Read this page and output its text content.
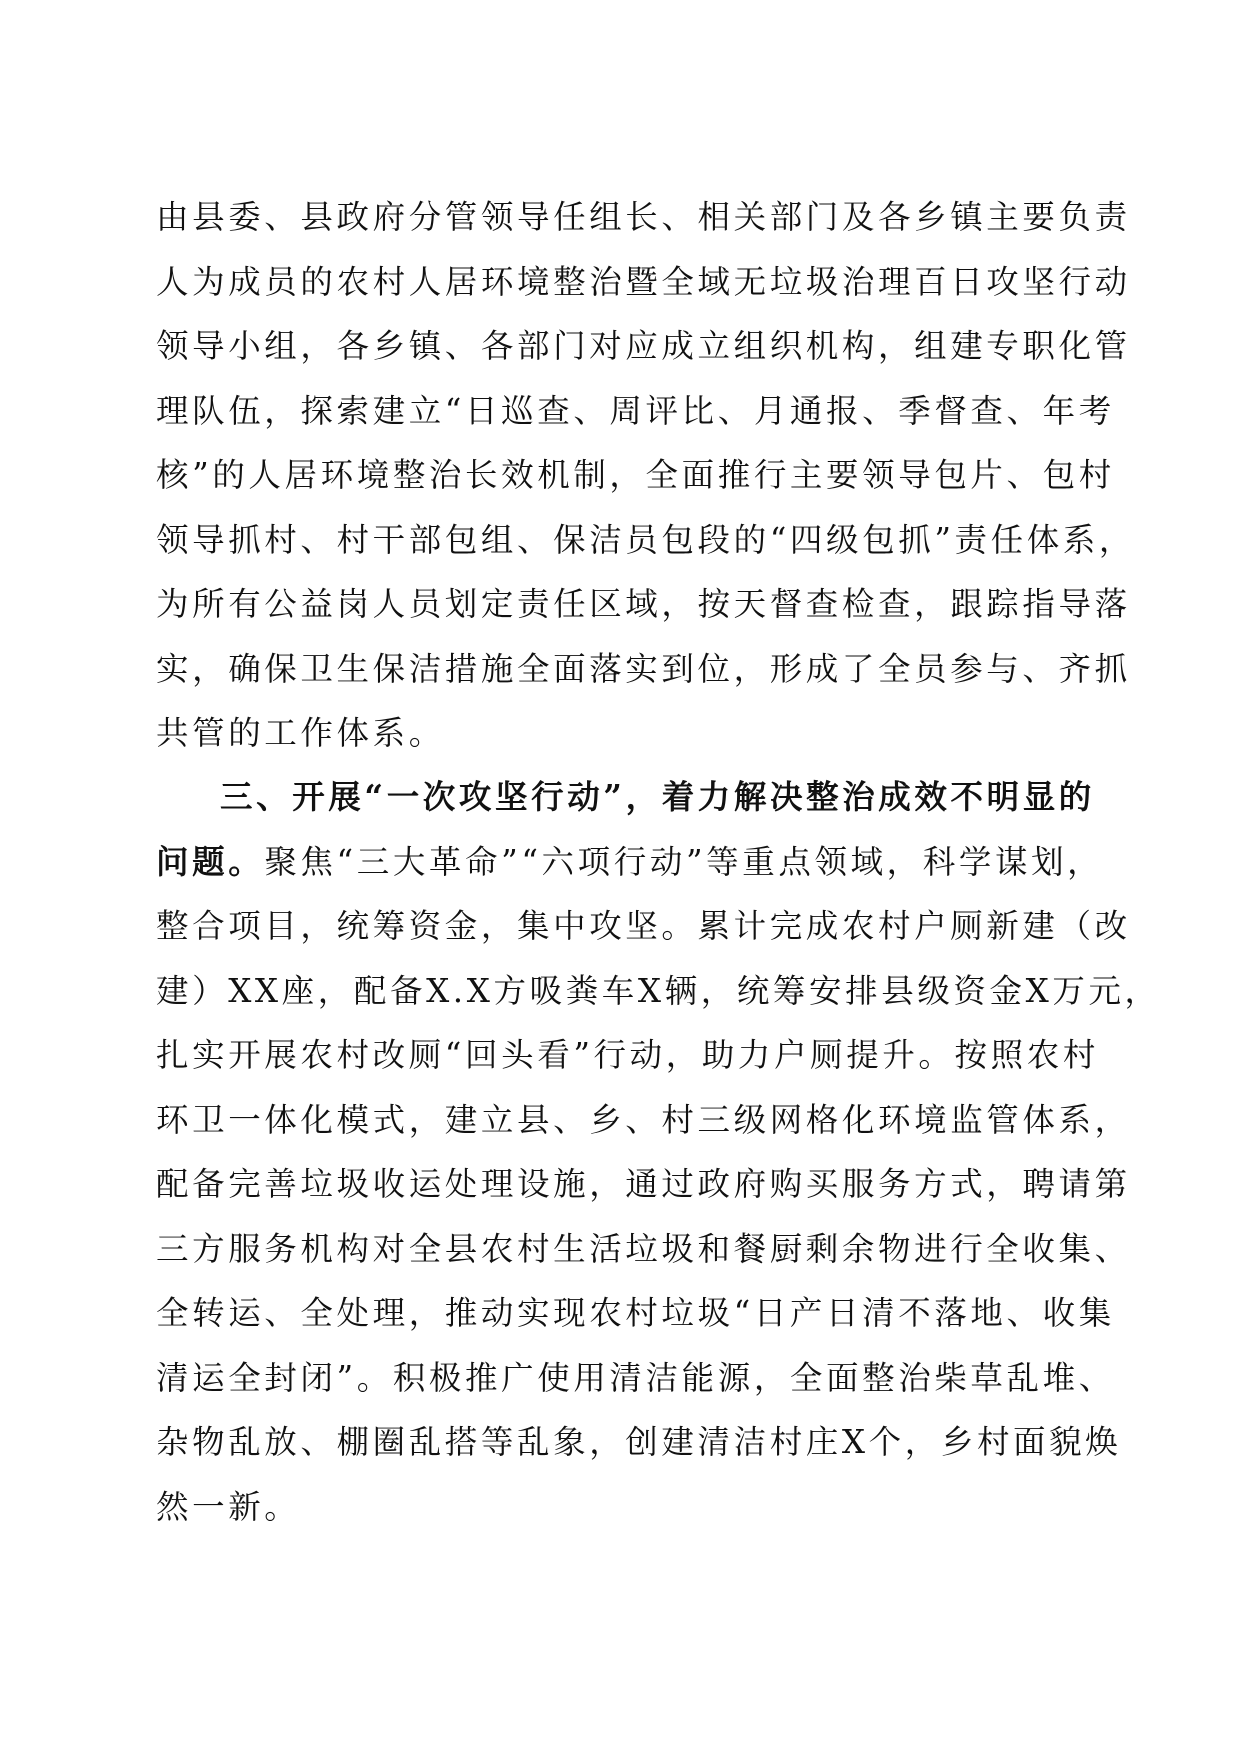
由县委、县政府分管领导任组长、相关部门及各乡镇主要负责
人为成员的农村人居环境整治暨全域无垃圾治理百日攻坚行动
领导小组，各乡镇、各部门对应成立组织机构，组建专职化管
理队伍，探索建立“日巡查、周评比、月通报、季督查、年考
核”的人居环境整治长效机制，全面推行主要领导包片、包村
领导抓村、村干部包组、保洁员包段的“四级包抓”责任体系，
为所有公益岗人员划定责任区域，按天督查检查，跟踪指导落
实，确保卫生保洁措施全面落实到位，形成了全员参与、齐抓
共管的工作体系。
三、开展“一次攻坚行动”，着力解决整治成效不明显的
问题。聚焦“三大革命”“六项行动”等重点领域，科学谋划，
整合项目，统筹资金，集中攻坚。累计完成农村户厕新建（改
建）XX座，配备X.X方吸粪车X辆，统筹安排县级资金X万元，
扎实开展农村改厕“回头看”行动，助力户厕提升。按照农村
环卫一体化模式，建立县、乡、村三级网格化环境监管体系，
配备完善垃圾收运处理设施，通过政府购买服务方式，聘请第
三方服务机构对全县农村生活垃圾和餐厨剩余物进行全收集、
全转运、全处理，推动实现农村垃圾“日产日清不落地、收集
清运全封闭”。积极推广使用清洁能源，全面整治柴草乱堆、
杂物乱放、棚圈乱搭等乱象，创建清洁村庄X个，乡村面貌焕
然一新。
